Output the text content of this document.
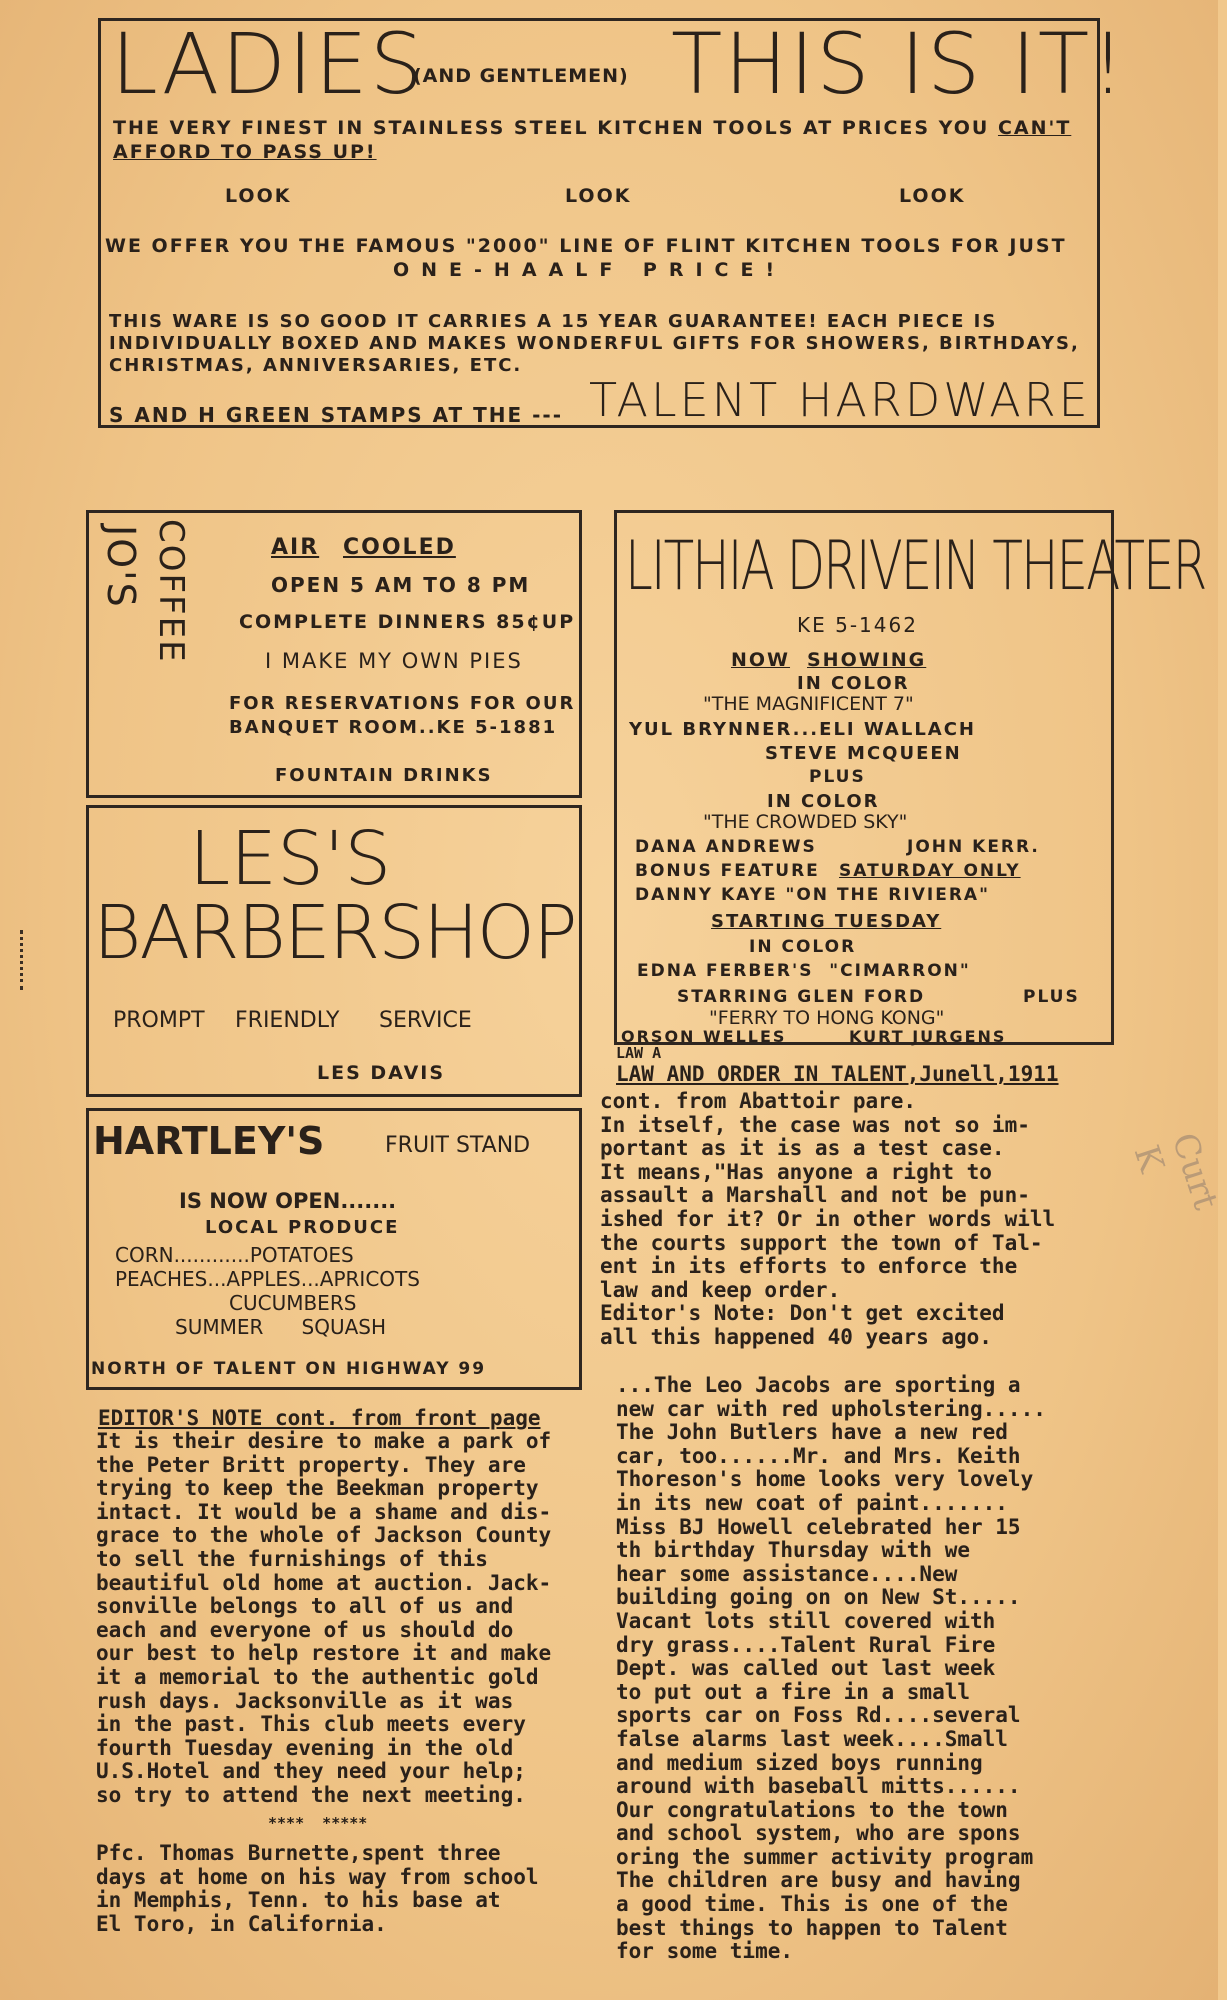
LADIES
(AND GENTLEMEN) THIS IS IT!
THE VERY FINEST IN STAINLESS STEEL KITCHEN TOOLS AT PRICES YOU CAN'T
AFFORD TO PASS UP!
LOOK	LOOK	LOOK
WE OFFER YOU THE FAMOUS "2000" LINE OF FLINT KITCHEN TOOLS FOR JUST
ONE-HAALF PRICE!
THIS WARE IS SO GOOD IT CARRIES A 15 YEAR GUARANTEE! EACH PIECE IS
INDIVIDUALLY BOXED AND MAKES WONDERFUL GIFTS FOR SHOWERS, BIRTHDAYS,
CHRISTMAS, ANNIVERSARIES, ETC.
S AND H GREEN STAMPS AT THE --- TALENT HARDWARE
JO'S COFFEE	AIR COOLED
OPEN 5 AM TO 8 PM
COMPLETE DINNERS 85¢UP
I MAKE MY OWN PIES
FOR RESERVATIONS FOR OUR
BANQUET ROOM..KE 5-1881
FOUNTAIN DRINKS
LES'S
BARBERSHOP
PROMPT FRIENDLY SERVICE
LES DAVIS
HARTLEY'S	FRUIT STAND
IS NOW OPEN.......
LOCAL PRODUCE
CORN............POTATOES
PEACHES...APPLES...APRICOTS
CUCUMBERS
SUMMER      SQUASH
NORTH OF TALENT ON HIGHWAY 99
LITHIA DRIVEIN THEATER
KE 5-1462
NOW SHOWING
IN COLOR
"THE MAGNIFICENT 7"
YUL BRYNNER...ELI WALLACH
STEVE MCQUEEN
PLUS
IN COLOR
"THE CROWDED SKY"
DANA ANDREWS	JOHN KERR.
BONUS FEATURE SATURDAY ONLY
DANNY KAYE "ON THE RIVIERA"
STARTING TUESDAY
IN COLOR
EDNA FERBER'S  "CIMARRON"
STARRING GLEN FORD	PLUS
"FERRY TO HONG KONG"
ORSON WELLES	KURT JURGENS
LAW A
LAW AND ORDER IN TALENT,Junell,1911
cont. from Abattoir pare.
In itself, the case was not so im-
portant as it is as a test case.
It means,"Has anyone a right to
assault a Marshall and not be pun-
ished for it? Or in other words will
the courts support the town of Tal-
ent in its efforts to enforce the
law and keep order.
Editor's Note: Don't get excited
all this happened 40 years ago.
...The Leo Jacobs are sporting a
new car with red upholstering.....
The John Butlers have a new red
car, too......Mr. and Mrs. Keith
Thoreson's home looks very lovely
in its new coat of paint.......
Miss BJ Howell celebrated her 15
th birthday Thursday with we
hear some assistance....New
building going on on New St.....
Vacant lots still covered with
dry grass....Talent Rural Fire
Dept. was called out last week
to put out a fire in a small
sports car on Foss Rd....several
false alarms last week....Small
and medium sized boys running
around with baseball mitts......
Our congratulations to the town
and school system, who are spons
oring the summer activity program
The children are busy and having
a good time. This is one of the
best things to happen to Talent
for some time.
EDITOR'S NOTE cont. from front page
It is their desire to make a park of
the Peter Britt property. They are
trying to keep the Beekman property
intact. It would be a shame and dis-
grace to the whole of Jackson County
to sell the furnishings of this
beautiful old home at auction. Jack-
sonville belongs to all of us and
each and everyone of us should do
our best to help restore it and make
it a memorial to the authentic gold
rush days. Jacksonville as it was
in the past. This club meets every
fourth Tuesday evening in the old
U.S.Hotel and they need your help;
so try to attend the next meeting.
****  *****
Pfc. Thomas Burnette,spent three
days at home on his way from school
in Memphis, Tenn. to his base at
El Toro, in California.
Curt K
